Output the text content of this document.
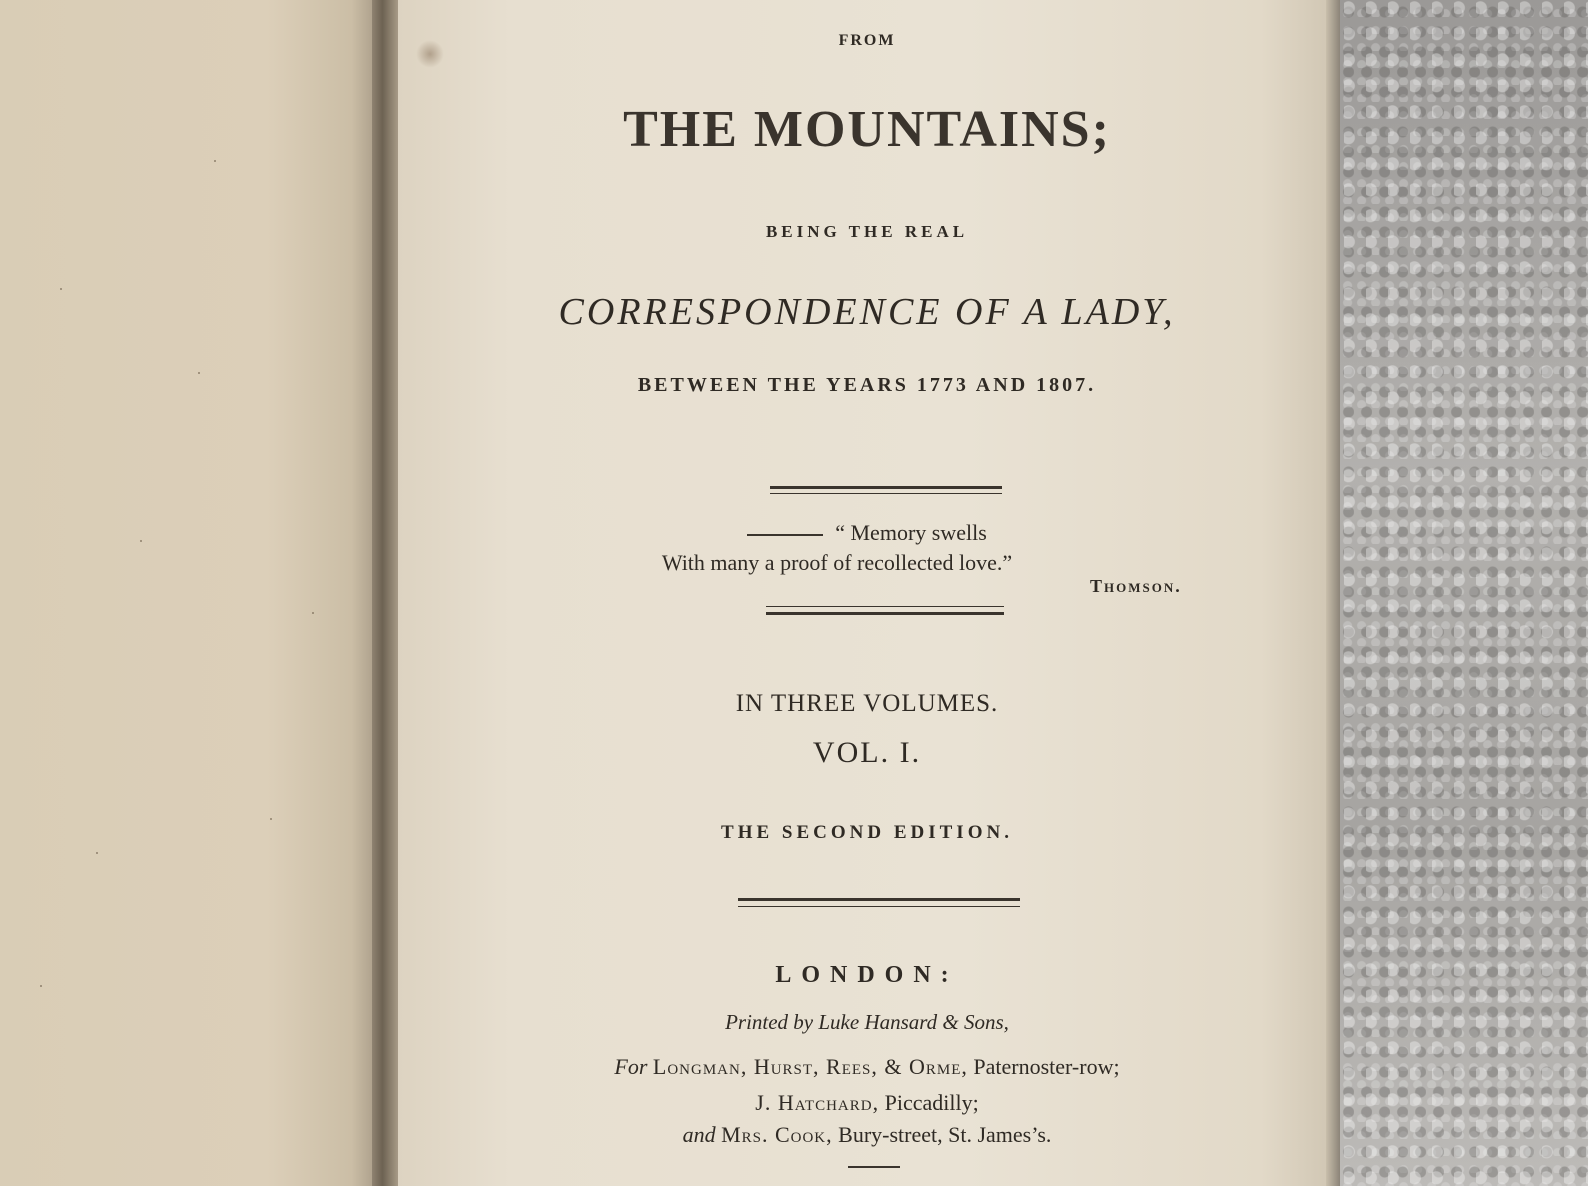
FROM
THE MOUNTAINS;
BEING THE REAL
CORRESPONDENCE OF A LADY,
BETWEEN THE YEARS 1773 AND 1807.
“ Memory swells
With many a proof of recollected love.”
Thomson.
IN THREE VOLUMES.
VOL. I.
THE SECOND EDITION.
LONDON:
Printed by Luke Hansard & Sons,
For Longman, Hurst, Rees, & Orme, Paternoster-row;
J. Hatchard, Piccadilly;
and Mrs. Cook, Bury-street, St. James’s.
